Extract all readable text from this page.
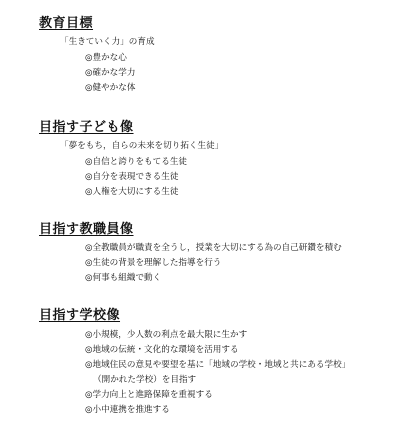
教育目標
「生きていく力」の育成
◎豊かな心
◎確かな学力
◎健やかな体
目指す子ども像
「夢をもち，自らの未来を切り拓く生徒」
◎自信と誇りをもてる生徒
◎自分を表現できる生徒
◎人権を大切にする生徒
目指す教職員像
◎全教職員が職責を全うし，授業を大切にする為の自己研鑽を積む
◎生徒の背景を理解した指導を行う
◎何事も組織で動く
目指す学校像
◎小規模，少人数の利点を最大限に生かす
◎地域の伝統・文化的な環境を活用する
◎地域住民の意見や要望を基に「地域の学校・地域と共にある学校」
（開かれた学校）を目指す
◎学力向上と進路保障を重視する
◎小中連携を推進する
